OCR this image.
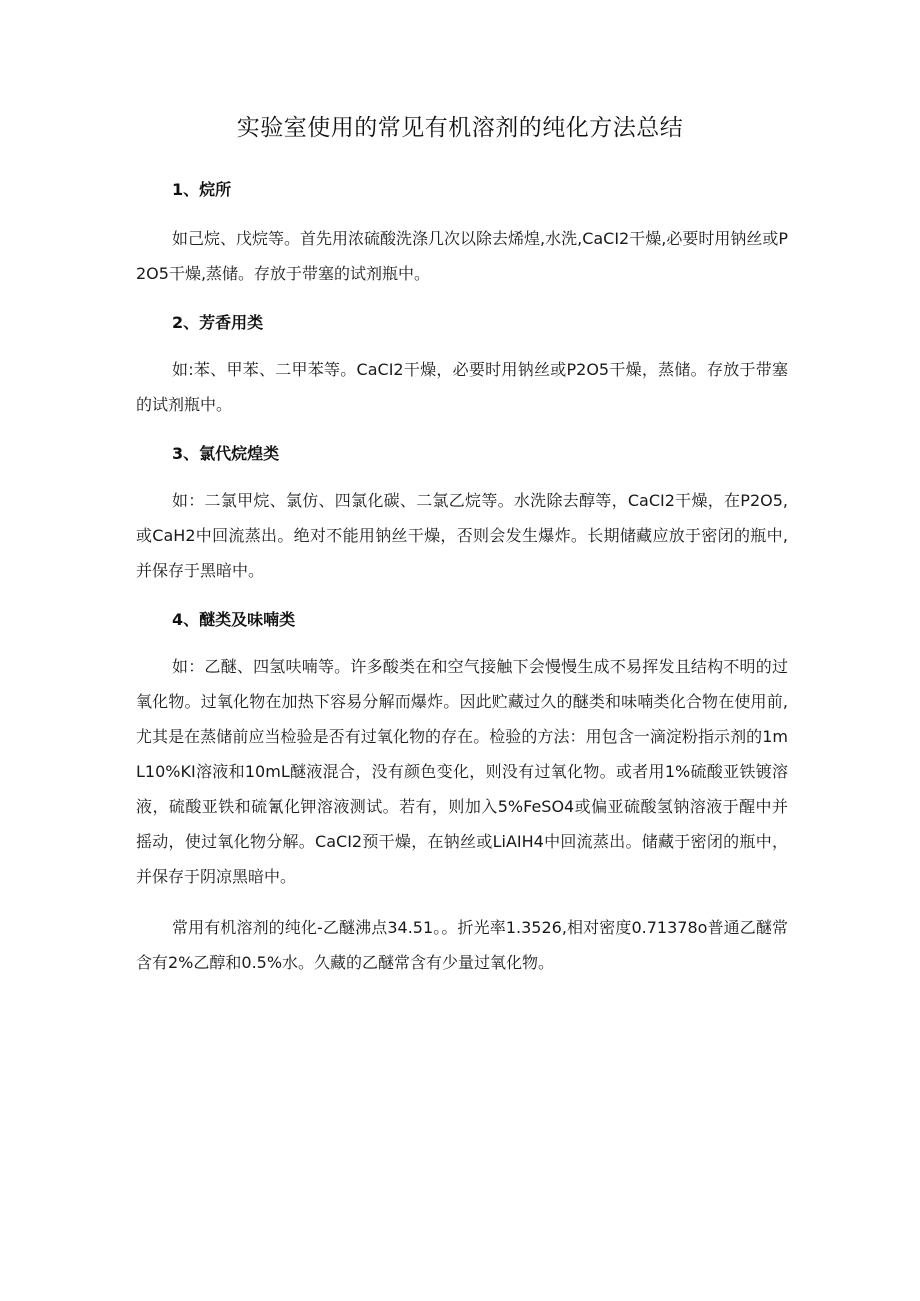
实验室使用的常见有机溶剂的纯化方法总结

1、烷所

如己烷、戊烷等。首先用浓硫酸洗涤几次以除去烯煌,水洗,CaCI2干燥,必要时用钠丝或P2O5干燥,蒸储。存放于带塞的试剂瓶中。

2、芳香用类

如:苯、甲苯、二甲苯等。CaCI2干燥，必要时用钠丝或P2O5干燥，蒸储。存放于带塞的试剂瓶中。

3、氯代烷煌类

如：二氯甲烷、氯仿、四氯化碳、二氯乙烷等。水洗除去醇等，CaCI2干燥，在P2O5,或CaH2中回流蒸出。绝对不能用钠丝干燥，否则会发生爆炸。长期储藏应放于密闭的瓶中,并保存于黑暗中。

4、醚类及味喃类

如：乙醚、四氢呋喃等。许多酸类在和空气接触下会慢慢生成不易挥发且结构不明的过氧化物。过氧化物在加热下容易分解而爆炸。因此贮藏过久的醚类和味喃类化合物在使用前,尤其是在蒸储前应当检验是否有过氧化物的存在。检验的方法：用包含一滴淀粉指示剂的1mL10%KI溶液和10mL醚液混合，没有颜色变化，则没有过氧化物。或者用1%硫酸亚铁镀溶液，硫酸亚铁和硫氰化钾溶液测试。若有，则加入5%FeSO4或偏亚硫酸氢钠溶液于醒中并摇动，使过氧化物分解。CaCI2预干燥，在钠丝或LiAIH4中回流蒸出。储藏于密闭的瓶中，并保存于阴凉黑暗中。

常用有机溶剂的纯化-乙醚沸点34.51。。折光率1.3526,相对密度0.71378o普通乙醚常含有2%乙醇和0.5%水。久藏的乙醚常含有少量过氧化物。
